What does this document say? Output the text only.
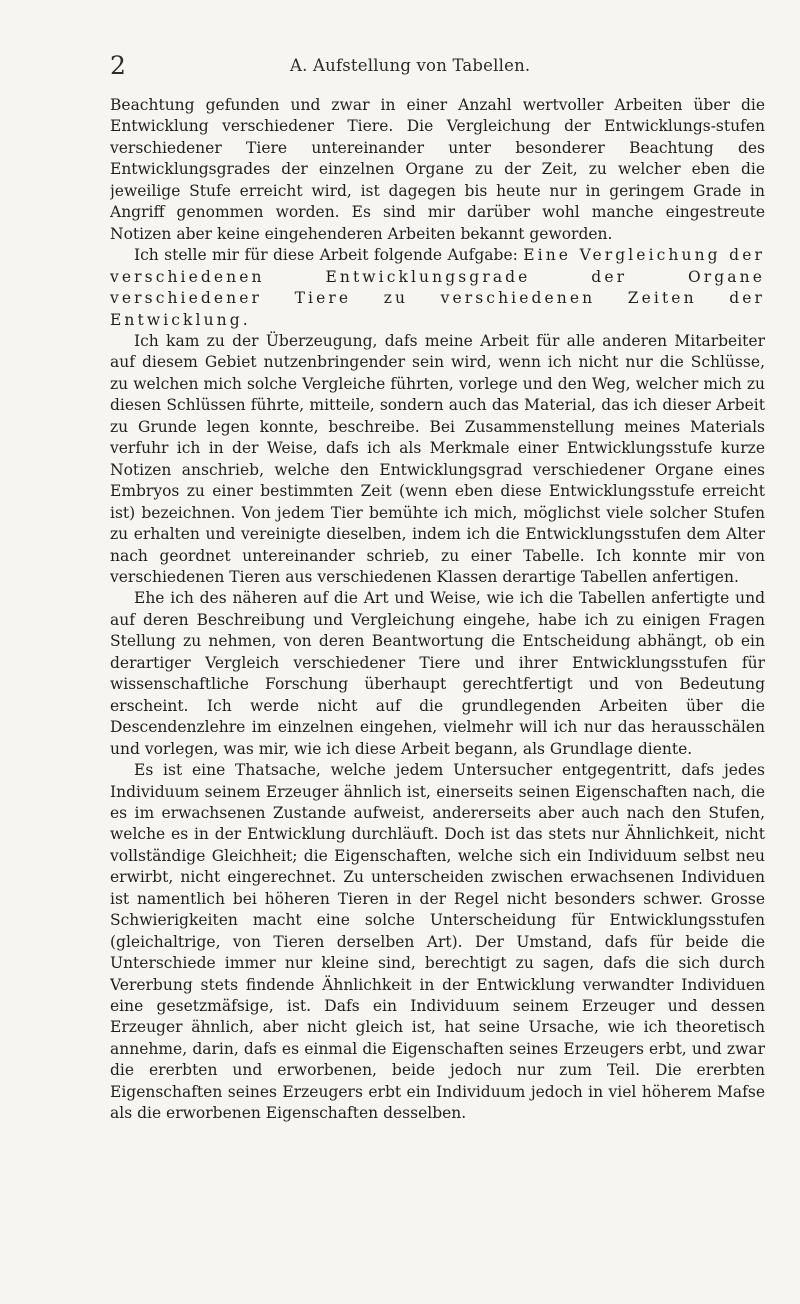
2	A. Aufstellung von Tabellen.

Beachtung gefunden und zwar in einer Anzahl wertvoller Arbeiten über die Entwicklung verschiedener Tiere. Die Vergleichung der Entwicklungs-stufen verschiedener Tiere untereinander unter besonderer Beachtung des Entwicklungsgrades der einzelnen Organe zu der Zeit, zu welcher eben die jeweilige Stufe erreicht wird, ist dagegen bis heute nur in geringem Grade in Angriff genommen worden. Es sind mir darüber wohl manche eingestreute Notizen aber keine eingehenderen Arbeiten bekannt geworden.

Ich stelle mir für diese Arbeit folgende Aufgabe: Eine Vergleichung der verschiedenen Entwicklungsgrade der Organe verschiedener Tiere zu verschiedenen Zeiten der Entwicklung.

Ich kam zu der Überzeugung, dafs meine Arbeit für alle anderen Mitarbeiter auf diesem Gebiet nutzenbringender sein wird, wenn ich nicht nur die Schlüsse, zu welchen mich solche Vergleiche führten, vorlege und den Weg, welcher mich zu diesen Schlüssen führte, mitteile, sondern auch das Material, das ich dieser Arbeit zu Grunde legen konnte, beschreibe. Bei Zusammenstellung meines Materials verfuhr ich in der Weise, dafs ich als Merkmale einer Entwicklungsstufe kurze Notizen anschrieb, welche den Entwicklungsgrad verschiedener Organe eines Embryos zu einer bestimmten Zeit (wenn eben diese Entwicklungsstufe erreicht ist) bezeichnen. Von jedem Tier bemühte ich mich, möglichst viele solcher Stufen zu erhalten und vereinigte dieselben, indem ich die Entwicklungsstufen dem Alter nach geordnet untereinander schrieb, zu einer Tabelle. Ich konnte mir von verschiedenen Tieren aus verschiedenen Klassen derartige Tabellen anfertigen.

Ehe ich des näheren auf die Art und Weise, wie ich die Tabellen anfertigte und auf deren Beschreibung und Vergleichung eingehe, habe ich zu einigen Fragen Stellung zu nehmen, von deren Beantwortung die Entscheidung abhängt, ob ein derartiger Vergleich verschiedener Tiere und ihrer Entwicklungsstufen für wissenschaftliche Forschung überhaupt gerechtfertigt und von Bedeutung erscheint. Ich werde nicht auf die grundlegenden Arbeiten über die Descendenzlehre im einzelnen eingehen, vielmehr will ich nur das herausschälen und vorlegen, was mir, wie ich diese Arbeit begann, als Grundlage diente.

Es ist eine Thatsache, welche jedem Untersucher entgegentritt, dafs jedes Individuum seinem Erzeuger ähnlich ist, einerseits seinen Eigenschaften nach, die es im erwachsenen Zustande aufweist, andererseits aber auch nach den Stufen, welche es in der Entwicklung durchläuft. Doch ist das stets nur Ähnlichkeit, nicht vollständige Gleichheit; die Eigenschaften, welche sich ein Individuum selbst neu erwirbt, nicht eingerechnet. Zu unterscheiden zwischen erwachsenen Individuen ist namentlich bei höheren Tieren in der Regel nicht besonders schwer. Grosse Schwierigkeiten macht eine solche Unterscheidung für Entwicklungsstufen (gleichaltrige, von Tieren derselben Art). Der Umstand, dafs für beide die Unterschiede immer nur kleine sind, berechtigt zu sagen, dafs die sich durch Vererbung stets findende Ähnlichkeit in der Entwicklung verwandter Individuen eine gesetzmäfsige, ist. Dafs ein Individuum seinem Erzeuger und dessen Erzeuger ähnlich, aber nicht gleich ist, hat seine Ursache, wie ich theoretisch annehme, darin, dafs es einmal die Eigenschaften seines Erzeugers erbt, und zwar die ererbten und erworbenen, beide jedoch nur zum Teil. Die ererbten Eigenschaften seines Erzeugers erbt ein Individuum jedoch in viel höherem Mafse als die erworbenen Eigenschaften desselben.
